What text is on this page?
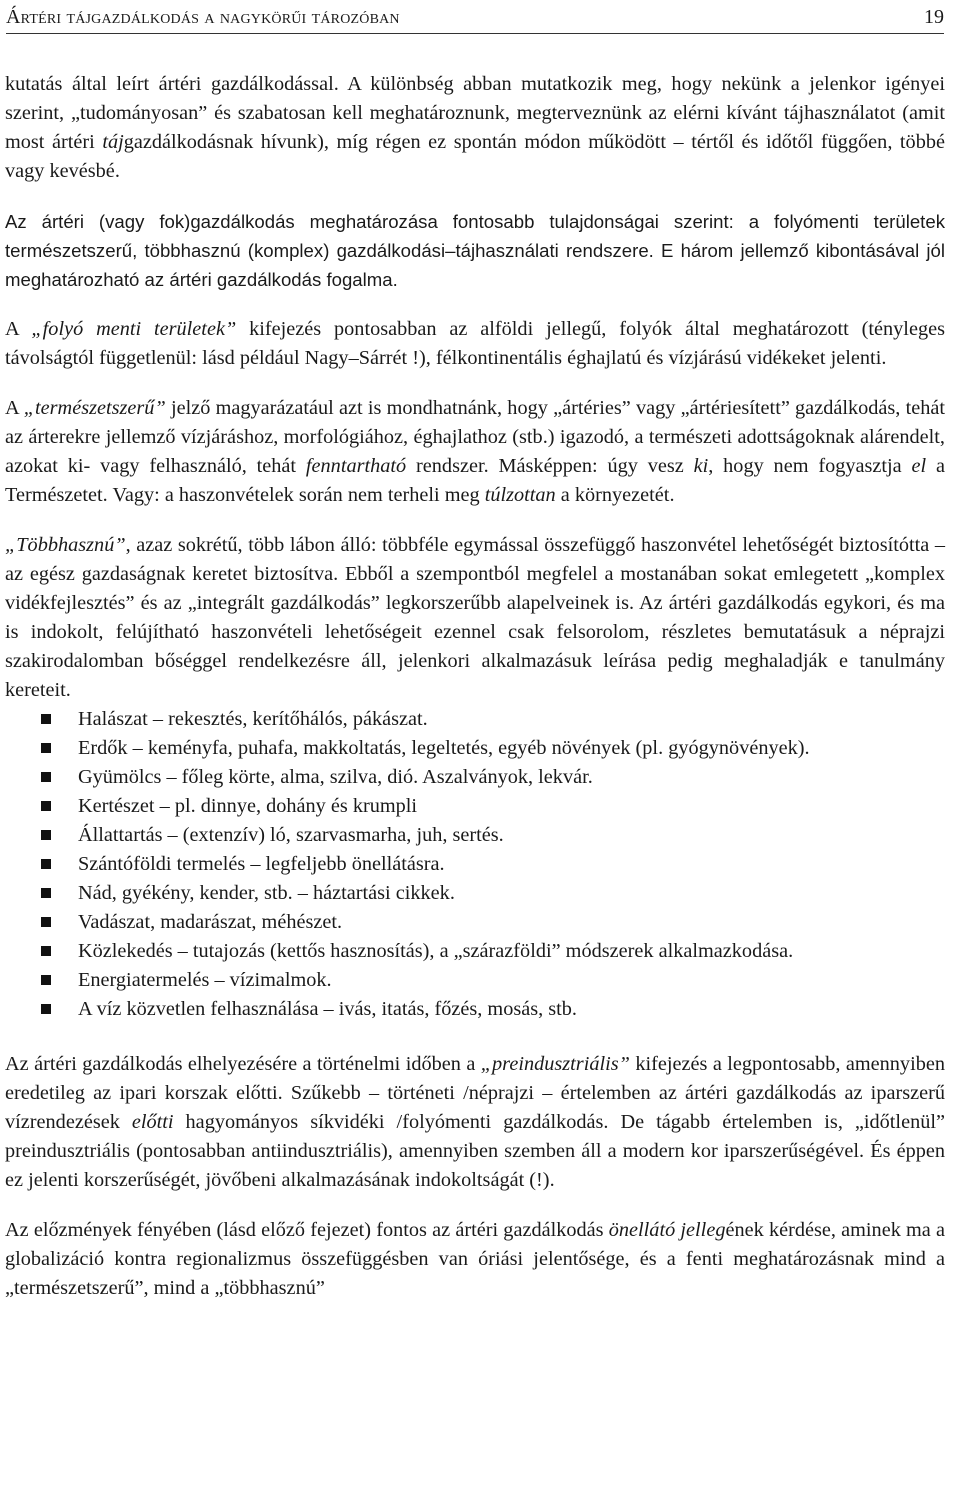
Ártéri tájgazdálkodás a nagykörűi tározóban	19

kutatás által leírt ártéri gazdálkodással. A különbség abban mutatkozik meg, hogy nekünk a jelenkor igényei szerint, „tudományosan” és szabatosan kell meghatároznunk, megterveznünk az elérni kívánt tájhasználatot (amit most ártéri tájgazdálkodásnak hívunk), míg régen ez spontán módon működött – tértől és időtől függően, többé vagy kevésbé.

Az ártéri (vagy fok)gazdálkodás meghatározása fontosabb tulajdonságai szerint: a folyómenti területek természetszerű, többhasznú (komplex) gazdálkodási–tájhasználati rendszere. E három jellemző kibontásával jól meghatározható az ártéri gazdálkodás fogalma.

A „folyó menti területek” kifejezés pontosabban az alföldi jellegű, folyók által meghatározott (tényleges távolságtól függetlenül: lásd például Nagy–Sárrét !), félkontinentális éghajlatú és vízjárású vidékeket jelenti.

A „természetszerű” jelző magyarázatául azt is mondhatnánk, hogy „ártéries” vagy „ártériesített” gazdálkodás, tehát az árterekre jellemző vízjáráshoz, morfológiához, éghajlathoz (stb.) igazodó, a természeti adottságoknak alárendelt, azokat ki- vagy felhasználó, tehát fenntartható rendszer. Másképpen: úgy vesz ki, hogy nem fogyasztja el a Természetet. Vagy: a haszonvételek során nem terheli meg túlzottan a környezetét.

„Többhasznú”, azaz sokrétű, több lábon álló: többféle egymással összefüggő haszonvétel lehetőségét biztosítótta – az egész gazdaságnak keretet biztosítva. Ebből a szempontból megfelel a mostanában sokat emlegetett „komplex vidékfejlesztés” és az „integrált gazdálkodás” legkorszerűbb alapelveinek is. Az ártéri gazdálkodás egykori, és ma is indokolt, felújítható haszonvételi lehetőségeit ezennel csak felsorolom, részletes bemutatásuk a néprajzi szakirodalomban bőséggel rendelkezésre áll, jelenkori alkalmazásuk leírása pedig meghaladják e tanulmány kereteit.

Halászat – rekesztés, kerítőhálós, pákászat.
Erdők – keményfa, puhafa, makkoltatás, legeltetés, egyéb növények (pl. gyógynövények).
Gyümölcs – főleg körte, alma, szilva, dió. Aszalványok, lekvár.
Kertészet – pl. dinnye, dohány és krumpli
Állattartás – (extenzív) ló, szarvasmarha, juh, sertés.
Szántóföldi termelés – legfeljebb önellátásra.
Nád, gyékény, kender, stb. – háztartási cikkek.
Vadászat, madarászat, méhészet.
Közlekedés – tutajozás (kettős hasznosítás), a „szárazföldi” módszerek alkalmazkodása.
Energiatermelés – vízimalmok.
A víz közvetlen felhasználása – ivás, itatás, főzés, mosás, stb.

Az ártéri gazdálkodás elhelyezésére a történelmi időben a „preindusztriális” kifejezés a legpontosabb, amennyiben eredetileg az ipari korszak előtti. Szűkebb – történeti /néprajzi – értelemben az ártéri gazdálkodás az iparszerű vízrendezések előtti hagyományos síkvidéki /folyómenti gazdálkodás. De tágabb értelemben is, „időtlenül” preindusztriális (pontosabban antiindusztriális), amennyiben szemben áll a modern kor iparszerűségével. És éppen ez jelenti korszerűségét, jövőbeni alkalmazásának indokoltságát (!).

Az előzmények fényében (lásd előző fejezet) fontos az ártéri gazdálkodás önellátó jellegének kérdése, aminek ma a globalizáció kontra regionalizmus összefüggésben van óriási jelentősége, és a fenti meghatározásnak mind a „természetszerű”, mind a „többhasznú”
